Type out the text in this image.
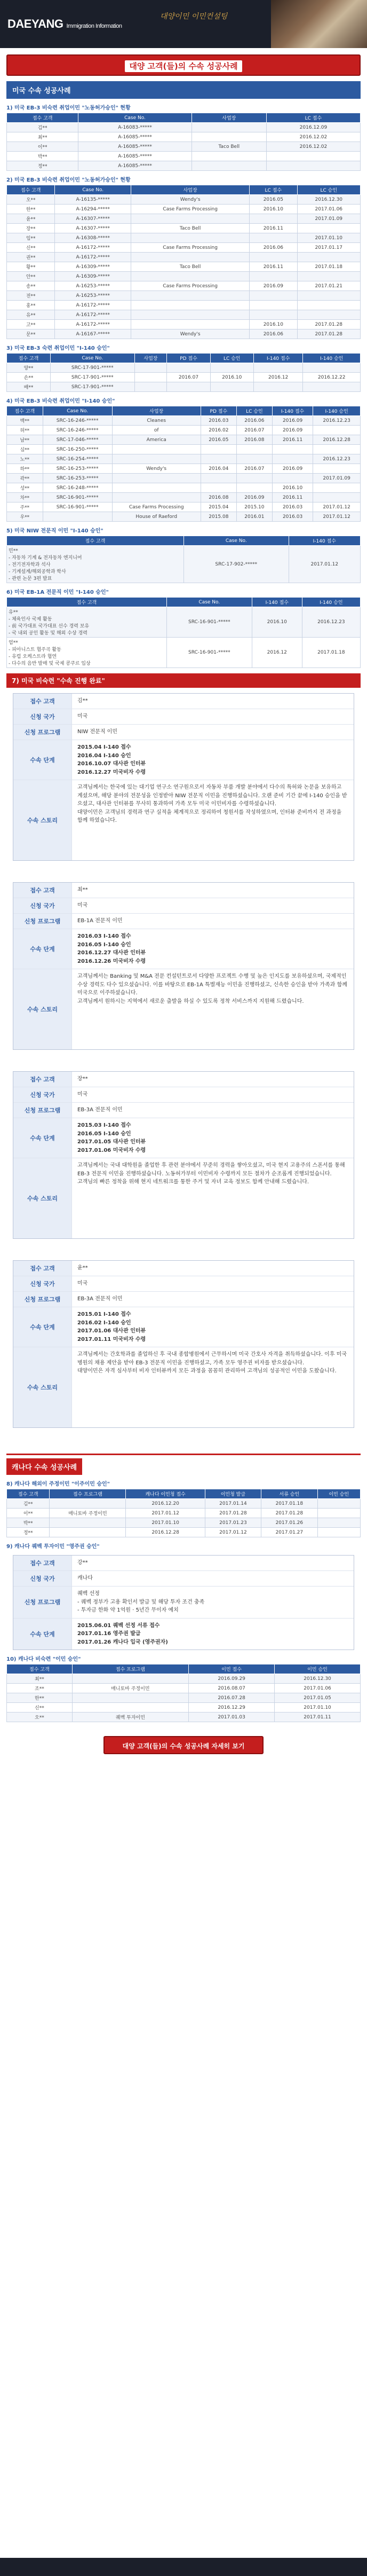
DAEYANG Immigration Information
대양이민 이민컨설팅
대양 고객(들)의 수속 성공사례
미국 수속 성공사례
1) 미국 EB-3 비숙련 취업이민 "노동허가승인" 현황
접수 고객	Case No.	사업장	LC 접수
김**	A-16083-*****		2016.12.09
최**	A-16085-*****		2016.12.02
이**	A-16085-*****	Taco Bell	2016.12.02
박**	A-16085-*****		
정**	A-16085-*****		
2) 미국 EB-3 비숙련 취업이민 "노동허가승인" 현황
접수 고객	Case No.	사업장	LC 접수	LC 승인
오**	A-16135-*****	Wendy's	2016.05	2016.12.30
한**	A-16294-*****	Case Farms Processing	2016.10	2017.01.06
윤**	A-16307-*****			2017.01.09
장**	A-16307-*****	Taco Bell	2016.11	
임**	A-16308-*****			2017.01.10
신**	A-16172-*****	Case Farms Processing	2016.06	2017.01.17
권**	A-16172-*****			
황**	A-16309-*****	Taco Bell	2016.11	2017.01.18
안**	A-16309-*****			
송**	A-16253-*****	Case Farms Processing	2016.09	2017.01.21
전**	A-16253-*****			
홍**	A-16172-*****			
유**	A-16172-*****			
고**	A-16172-*****		2016.10	2017.01.28
문**	A-16167-*****	Wendy's	2016.06	2017.01.28
3) 미국 EB-3 숙련 취업이민 "I-140 승인"
접수 고객	Case No.	사업장	PD 접수	LC 승인	I-140 접수	I-140 승인
양**	SRC-17-901-*****					
손**	SRC-17-901-*****		2016.07	2016.10	2016.12	2016.12.22
배**	SRC-17-901-*****					
4) 미국 EB-3 비숙련 취업이민 "I-140 승인"
접수 고객	Case No.	사업장	PD 접수	LC 승인	I-140 접수	I-140 승인
백**	SRC-16-246-*****	Cleanes	2016.03	2016.06	2016.09	2016.12.23
허**	SRC-16-246-*****	of	2016.02	2016.07	2016.09	
남**	SRC-17-046-*****	America	2016.05	2016.08	2016.11	2016.12.28
심**	SRC-16-250-*****					
노**	SRC-16-254-*****					2016.12.23
하**	SRC-16-253-*****	Wendy's	2016.04	2016.07	2016.09	
곽**	SRC-16-253-*****					2017.01.09
성**	SRC-16-248-*****				2016.10	
차**	SRC-16-901-*****		2016.08	2016.09	2016.11	
주**	SRC-16-901-*****	Case Farms Processing	2015.04	2015.10	2016.03	2017.01.12
우**		House of Raeford	2015.08	2016.01	2016.03	2017.01.12
5) 미국 NIW 전문직 이민 "I-140 승인"
접수 고객	Case No.	I-140 접수
민**
- 자동차 기계 & 전자동차 엔지니어
- 전기전자학과 석사
- 기계설계/해외공학과 학사
- 관련 논문 3편 발표	SRC-17-902-*****	2017.01.12
6) 미국 EB-1A 전문직 이민 "I-140 승인"
접수 고객	Case No.	I-140 접수	I-140 승인
유**
- 체육인사 국제 활동
- 前 국가대표 국가대표 선수 경력 보유
- 국 내외 공인 활동 및 해외 수상 경력	SRC-16-901-*****	2016.10	2016.12.23
엄**
- 피아니스트 협주곡 활동
- 유럽 오케스트라 협연
- 다수의 음반 발매 및 국제 콩쿠르 입상	SRC-16-901-*****	2016.12	2017.01.18
7) 미국 비숙련 "수속 진행 완료"
접수 고객	김**
신청 국가	미국
신청 프로그램	NIW 전문직 이민
수속 단계
2015.04 I-140 접수
2016.04 I-140 승인
2016.10.07 대사관 인터뷰
2016.12.27 미국비자 수령
수속 스토리
고객님께서는 한국에 있는 대기업 연구소 연구원으로서 자동차 부품 개발 분야에서 다수의 특허와 논문을 보유하고 계셨으며, 해당 분야의 전문성을 인정받아 NIW 전문직 이민을 진행하셨습니다. 오랜 준비 기간 끝에 I-140 승인을 받으셨고, 대사관 인터뷰를 무사히 통과하여 가족 모두 미국 이민비자를 수령하셨습니다.
대양이민은 고객님의 경력과 연구 실적을 체계적으로 정리하여 청원서를 작성하였으며, 인터뷰 준비까지 전 과정을 함께 하였습니다.
접수 고객	최**
신청 국가	미국
신청 프로그램	EB-1A 전문직 이민
수속 단계
2016.03 I-140 접수
2016.05 I-140 승인
2016.12.27 대사관 인터뷰
2016.12.26 미국비자 수령
수속 스토리
고객님께서는 Banking 및 M&A 전문 컨설턴트로서 다양한 프로젝트 수행 및 높은 인지도를 보유하셨으며, 국제적인 수상 경력도 다수 있으셨습니다. 이를 바탕으로 EB-1A 특별재능 이민을 진행하셨고, 신속한 승인을 받아 가족과 함께 미국으로 이주하셨습니다.
고객님께서 원하시는 지역에서 새로운 출발을 하실 수 있도록 정착 서비스까지 지원해 드렸습니다.
접수 고객	장**
신청 국가	미국
신청 프로그램	EB-3A 전문직 이민
수속 단계
2015.03 I-140 접수
2016.05 I-140 승인
2017.01.05 대사관 인터뷰
2017.01.06 미국비자 수령
수속 스토리
고객님께서는 국내 대학원을 졸업한 후 관련 분야에서 꾸준히 경력을 쌓아오셨고, 미국 현지 고용주의 스폰서를 통해 EB-3 전문직 이민을 진행하셨습니다. 노동허가부터 이민비자 수령까지 모든 절차가 순조롭게 진행되었습니다.
고객님의 빠른 정착을 위해 현지 네트워크를 통한 주거 및 자녀 교육 정보도 함께 안내해 드렸습니다.
접수 고객	윤**
신청 국가	미국
신청 프로그램	EB-3A 전문직 이민
수속 단계
2015.01 I-140 접수
2016.02 I-140 승인
2017.01.06 대사관 인터뷰
2017.01.11 미국비자 수령
수속 스토리
고객님께서는 간호학과를 졸업하신 후 국내 종합병원에서 근무하시며 미국 간호사 자격을 취득하셨습니다. 이후 미국 병원의 채용 제안을 받아 EB-3 전문직 이민을 진행하셨고, 가족 모두 영주권 비자를 받으셨습니다.
대양이민은 자격 심사부터 비자 인터뷰까지 모든 과정을 꼼꼼히 관리하여 고객님의 성공적인 이민을 도왔습니다.
캐나다 수속 성공사례
8) 캐나다 해외이 주정이민 "이주이민 승인"
접수 고객	접수 프로그램	캐나다 이민청 접수	이민청 발급	서류 승인	이민 승인
김**		2016.12.20	2017.01.14	2017.01.18	
이**	매니토바 주정이민	2017.01.12	2017.01.28	2017.01.28	
박**		2017.01.10	2017.01.23	2017.01.26	
정**		2016.12.28	2017.01.12	2017.01.27	
9) 캐나다 퀘벡 투자이민 "영주권 승인"
접수 고객	강**
신청 국가	캐나다
신청 프로그램
퀘벡 선정
- 퀘벡 정부가 고용 확인서 발급 및 해당 투자 조건 충족
- 투자금 한화 약 1억원 · 5년간 무이자 예치
수속 단계
2015.06.01 퀘벡 선정 서류 접수
2017.01.16 영주권 발급
2017.01.26 캐나다 입국 (영주권자)
10) 캐나다 비숙련 "이민 승인"
접수 고객	접수 프로그램	이민 접수	이민 승인
최**		2016.09.29	2016.12.30
조**	매니토바 주정이민	2016.08.07	2017.01.06
한**		2016.07.28	2017.01.05
신**		2016.12.29	2017.01.10
오**	퀘벡 투자이민	2017.01.03	2017.01.11
대양 고객(들)의 수속 성공사례 자세히 보기
